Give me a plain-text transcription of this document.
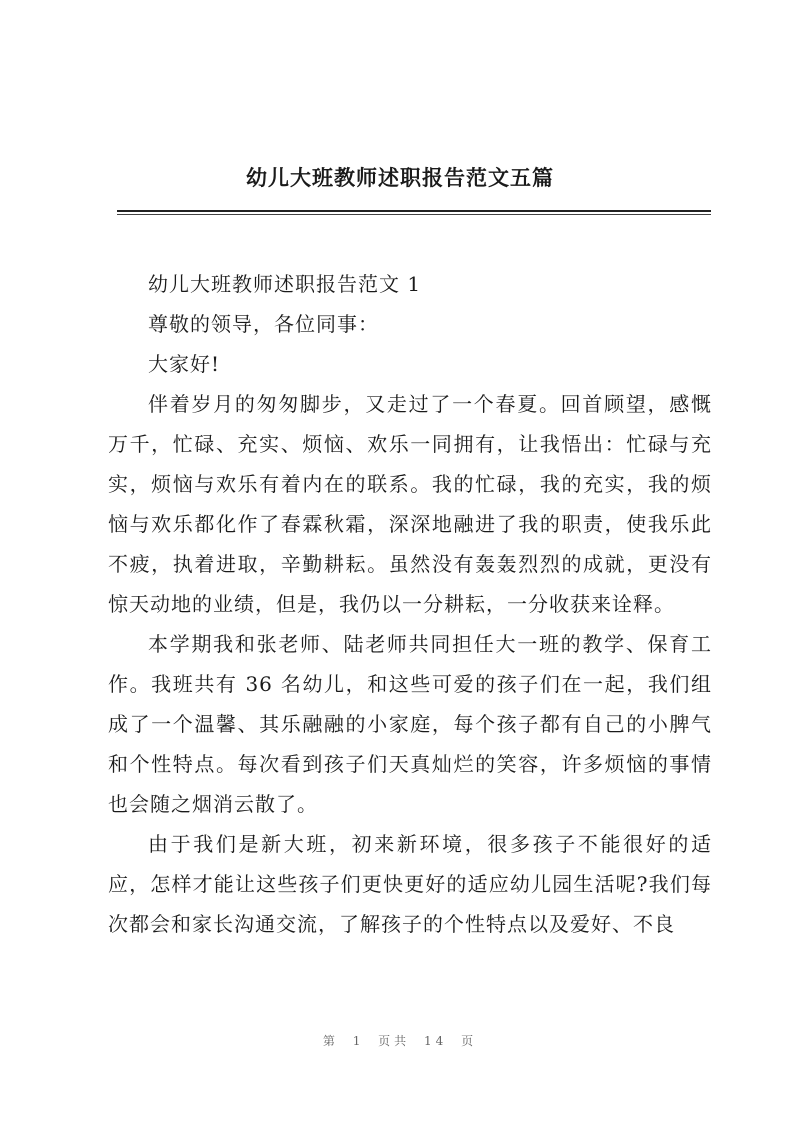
幼儿大班教师述职报告范文五篇

幼儿大班教师述职报告范文 1

尊敬的领导，各位同事：

大家好!

伴着岁月的匆匆脚步，又走过了一个春夏。回首顾望，感慨万千，忙碌、充实、烦恼、欢乐一同拥有，让我悟出：忙碌与充实，烦恼与欢乐有着内在的联系。我的忙碌，我的充实，我的烦恼与欢乐都化作了春霖秋霜，深深地融进了我的职责，使我乐此不疲，执着进取，辛勤耕耘。虽然没有轰轰烈烈的成就，更没有惊天动地的业绩，但是，我仍以一分耕耘，一分收获来诠释。

本学期我和张老师、陆老师共同担任大一班的教学、保育工作。我班共有 36 名幼儿，和这些可爱的孩子们在一起，我们组成了一个温馨、其乐融融的小家庭，每个孩子都有自己的小脾气和个性特点。每次看到孩子们天真灿烂的笑容，许多烦恼的事情也会随之烟消云散了。

由于我们是新大班，初来新环境，很多孩子不能很好的适应，怎样才能让这些孩子们更快更好的适应幼儿园生活呢?我们每次都会和家长沟通交流，了解孩子的个性特点以及爱好、不良

第 1 页共 14 页
